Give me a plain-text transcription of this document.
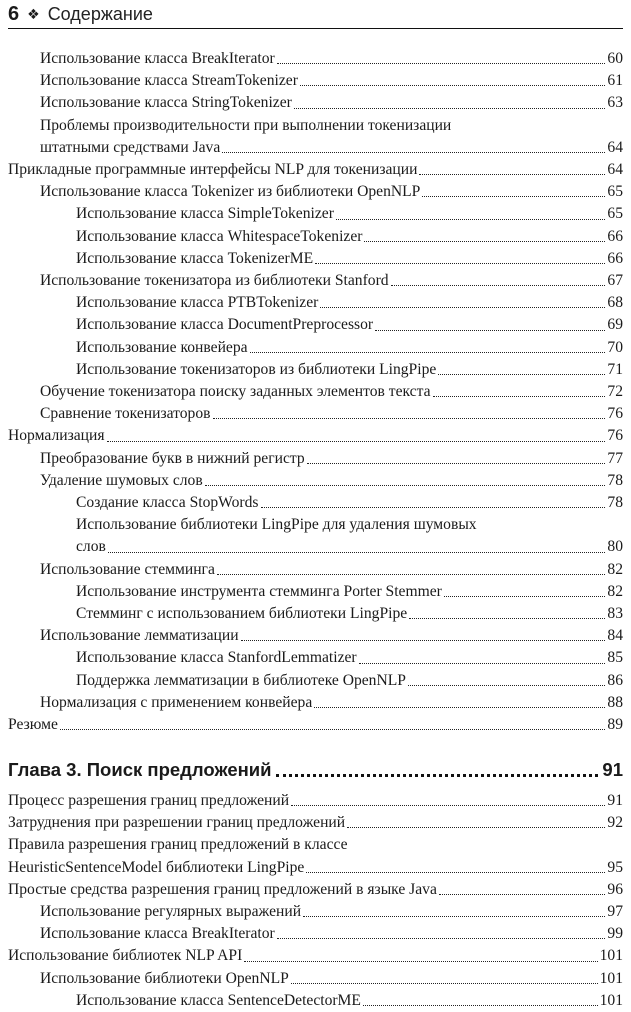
6 ❖ Содержание
Использование класса BreakIterator	60
Использование класса StreamTokenizer	61
Использование класса StringTokenizer	63
Проблемы производительности при выполнении токенизации
штатными средствами Java	64
Прикладные программные интерфейсы NLP для токенизации	64
Использование класса Tokenizer из библиотеки OpenNLP	65
Использование класса SimpleTokenizer	65
Использование класса WhitespaceTokenizer	66
Использование класса TokenizerME	66
Использование токенизатора из библиотеки Stanford	67
Использование класса PTBTokenizer	68
Использование класса DocumentPreprocessor	69
Использование конвейера	70
Использование токенизаторов из библиотеки LingPipe	71
Обучение токенизатора поиску заданных элементов текста	72
Сравнение токенизаторов	76
Нормализация	76
Преобразование букв в нижний регистр	77
Удаление шумовых слов	78
Создание класса StopWords	78
Использование библиотеки LingPipe для удаления шумовых
слов	80
Использование стемминга	82
Использование инструмента стемминга Porter Stemmer	82
Стемминг с использованием библиотеки LingPipe	83
Использование лемматизации	84
Использование класса StanfordLemmatizer	85
Поддержка лемматизации в библиотеке OpenNLP	86
Нормализация с применением конвейера	88
Резюме	89
Глава 3. Поиск предложений	91
Процесс разрешения границ предложений	91
Затруднения при разрешении границ предложений	92
Правила разрешения границ предложений в классе
HeuristicSentenceModel библиотеки LingPipe	95
Простые средства разрешения границ предложений в языке Java	96
Использование регулярных выражений	97
Использование класса BreakIterator	99
Использование библиотек NLP API	101
Использование библиотеки OpenNLP	101
Использование класса SentenceDetectorME	101
